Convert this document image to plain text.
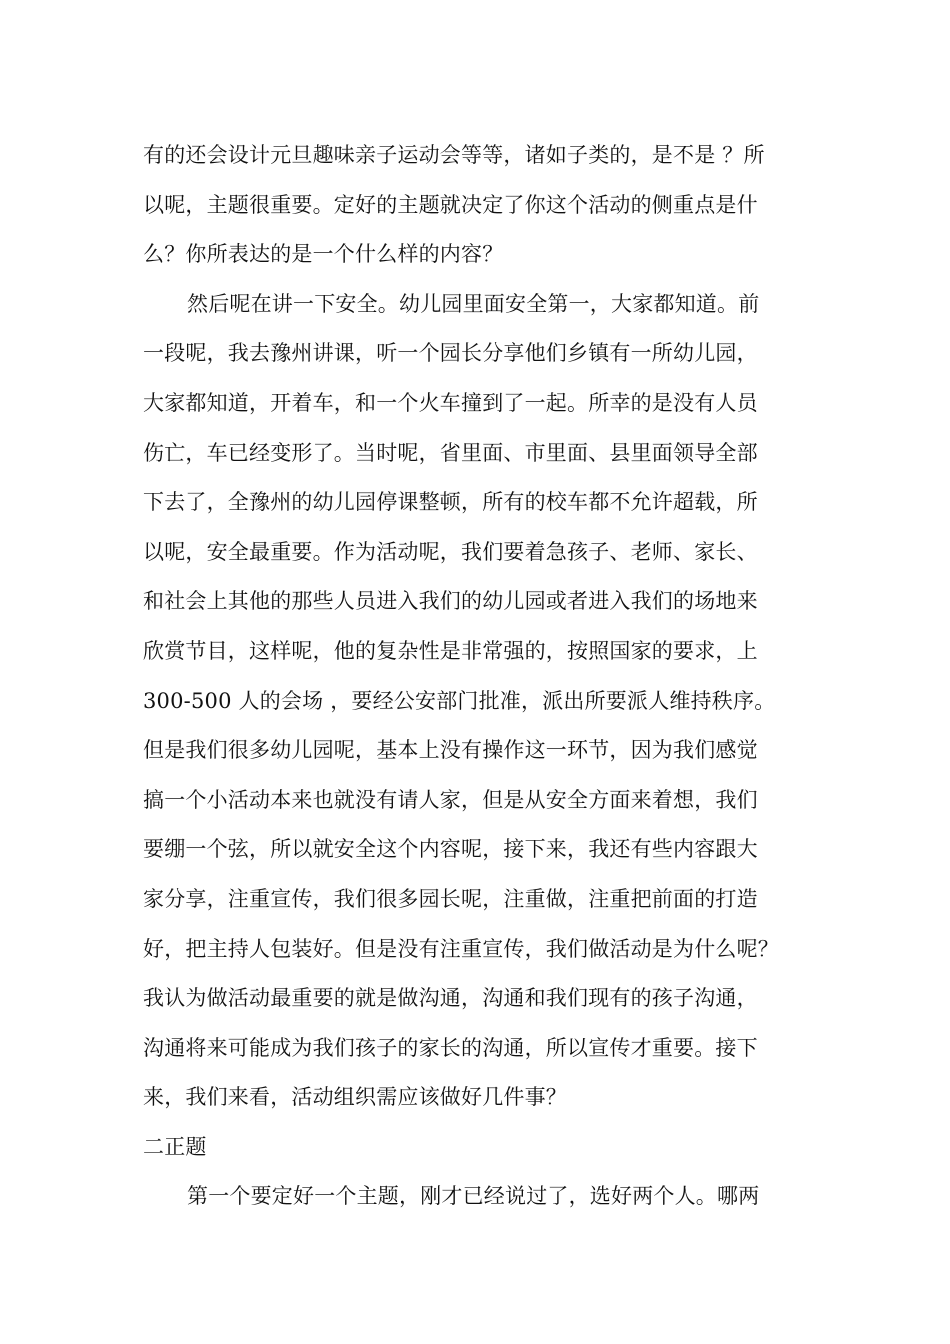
有的还会设计元旦趣味亲子运动会等等，诸如子类的，是不是 ？所
以呢，主题很重要。定好的主题就决定了你这个活动的侧重点是什
么？你所表达的是一个什么样的内容？
然后呢在讲一下安全。幼儿园里面安全第一，大家都知道。前
一段呢，我去豫州讲课，听一个园长分享他们乡镇有一所幼儿园，
大家都知道，开着车，和一个火车撞到了一起。所幸的是没有人员
伤亡，车已经变形了。当时呢，省里面、市里面、县里面领导全部
下去了，全豫州的幼儿园停课整顿，所有的校车都不允许超载，所
以呢，安全最重要。作为活动呢，我们要着急孩子、老师、家长、
和社会上其他的那些人员进入我们的幼儿园或者进入我们的场地来
欣赏节目，这样呢，他的复杂性是非常强的，按照国家的要求，上
300-500 人的会场 ，要经公安部门批准，派出所要派人维持秩序。
但是我们很多幼儿园呢，基本上没有操作这一环节，因为我们感觉
搞一个小活动本来也就没有请人家，但是从安全方面来着想，我们
要绷一个弦，所以就安全这个内容呢，接下来，我还有些内容跟大
家分享，注重宣传，我们很多园长呢，注重做，注重把前面的打造
好，把主持人包装好。但是没有注重宣传，我们做活动是为什么呢？
我认为做活动最重要的就是做沟通，沟通和我们现有的孩子沟通，
沟通将来可能成为我们孩子的家长的沟通，所以宣传才重要。接下
来，我们来看，活动组织需应该做好几件事？
二正题
第一个要定好一个主题，刚才已经说过了，选好两个人。哪两
